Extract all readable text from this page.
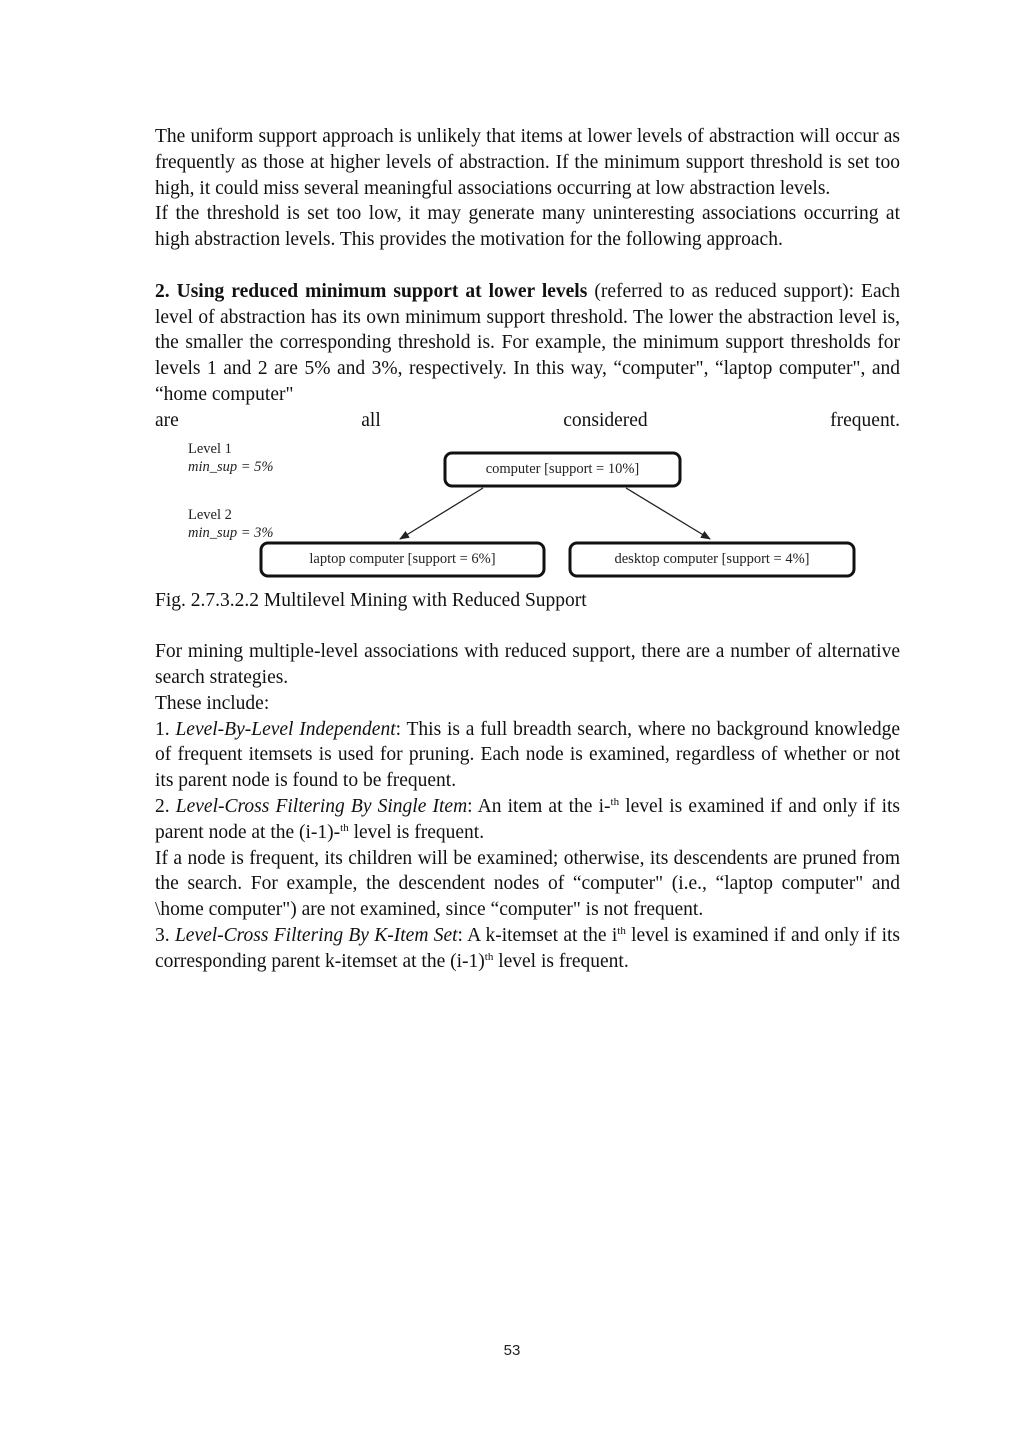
The uniform support approach is unlikely that items at lower levels of abstraction will occur as frequently as those at higher levels of abstraction. If the minimum support threshold is set too high, it could miss several meaningful associations occurring at low abstraction levels.

If the threshold is set too low, it may generate many uninteresting associations occurring at high abstraction levels. This provides the motivation for the following approach.

2. Using reduced minimum support at lower levels (referred to as reduced support): Each level of abstraction has its own minimum support threshold. The lower the abstraction level is, the smaller the corresponding threshold is. For example, the minimum support thresholds for levels 1 and 2 are 5% and 3%, respectively. In this way, “computer", “laptop computer", and “home computer"

are	all	considered	frequent.

Level 1
min_sup = 5%
Level 2
min_sup = 3%
computer [support = 10%]
laptop computer [support = 6%]	desktop computer [support = 4%]

Fig. 2.7.3.2.2 Multilevel Mining with Reduced Support

For mining multiple-level associations with reduced support, there are a number of alternative search strategies.

These include:

1. Level-By-Level Independent: This is a full breadth search, where no background knowledge of frequent itemsets is used for pruning. Each node is examined, regardless of whether or not its parent node is found to be frequent.

2. Level-Cross Filtering By Single Item: An item at the i-$^{th}$ level is examined if and only if its parent node at the (i-1)-$^{th}$ level is frequent.

If a node is frequent, its children will be examined; otherwise, its descendents are pruned from the search. For example, the descendent nodes of “computer" (i.e., “laptop computer" and \home computer") are not examined, since “computer" is not frequent.

3. Level-Cross Filtering By K-Item Set: A k-itemset at the $i^{th}$ level is examined if and only if its corresponding parent k-itemset at the $(i-1)^{th}$ level is frequent.

53
